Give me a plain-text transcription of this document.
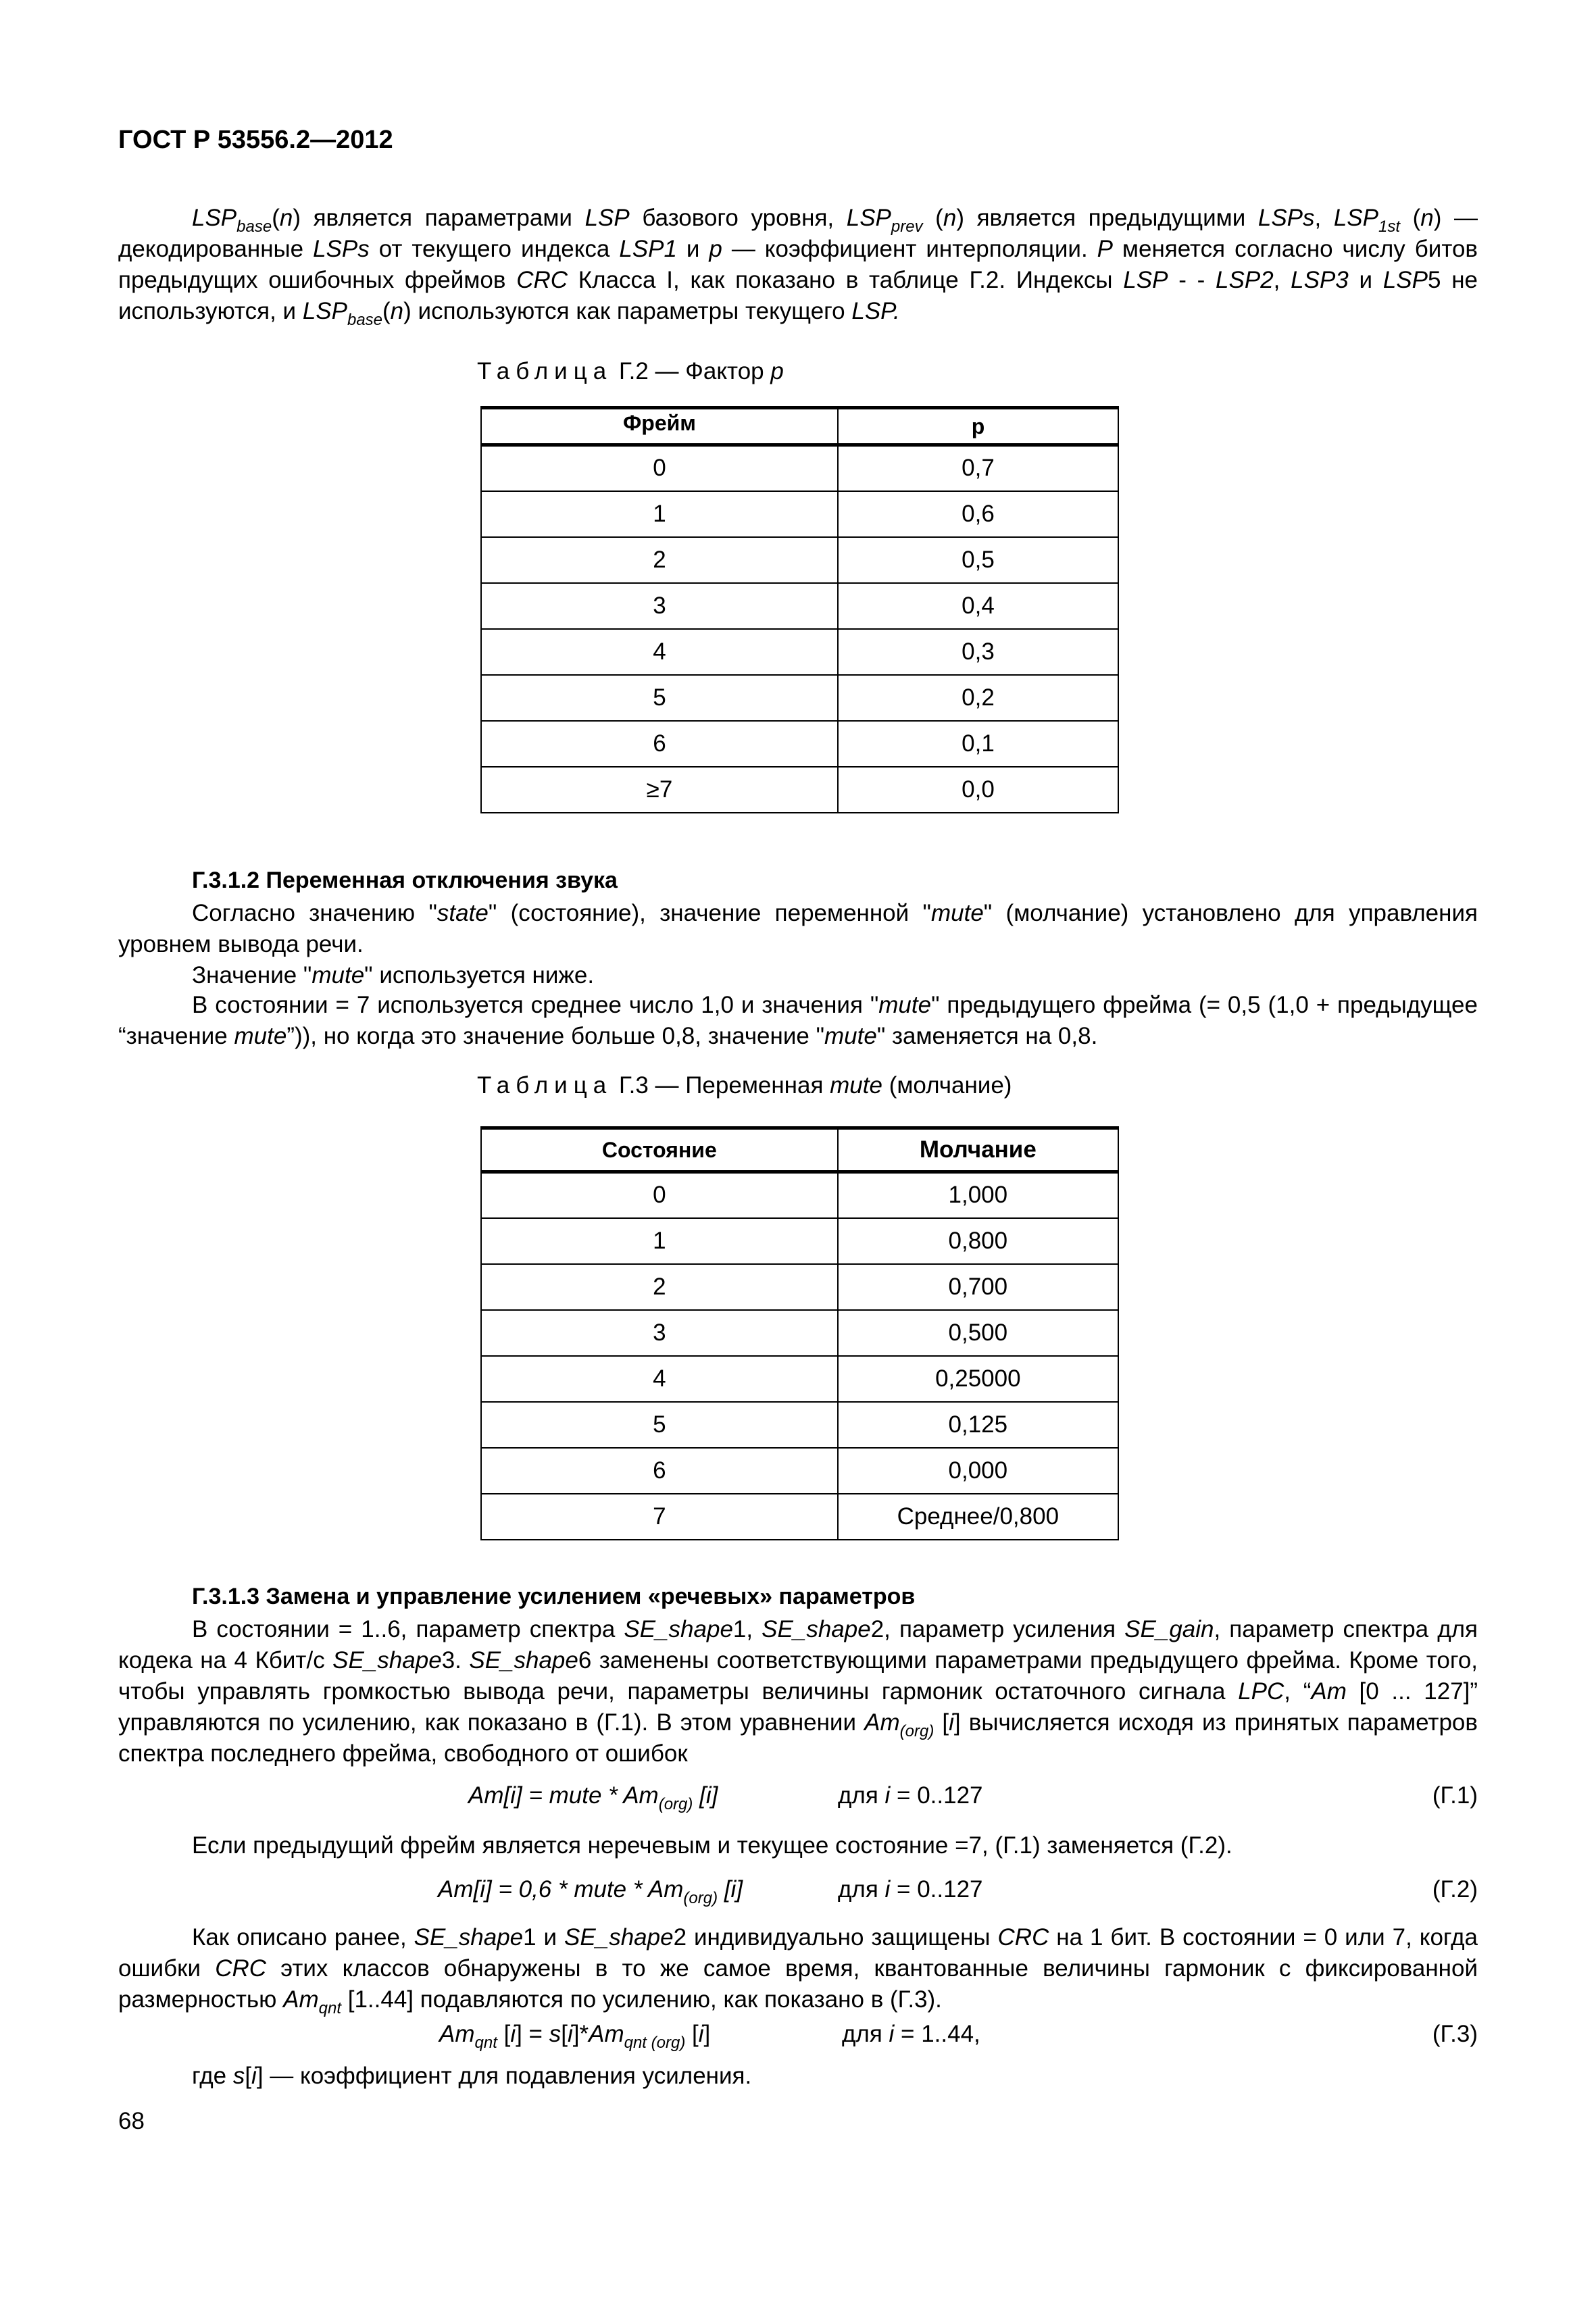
ГОСТ Р 53556.2—2012
$LSP_{base}(n)$ является параметрами LSP базового уровня, $LSP_{prev}$ (n) является предыдущими LSPs, $LSP_{1st}$ (n) — декодированные LSPs от текущего индекса LSP1 и p — коэффициент интерполяции. P меняется согласно числу битов предыдущих ошибочных фреймов CRC Класса I, как показано в таблице Г.2. Индексы LSP - - LSP2, LSP3 и LSP5 не используются, и $LSP_{base}(n)$ используются как параметры текущего LSP.
Таблица Г.2 — Фактор p
Фрейм	p
0	0,7
1	0,6
2	0,5
3	0,4
4	0,3
5	0,2
6	0,1
≥7	0,0
Г.3.1.2 Переменная отключения звука
Согласно значению "state" (состояние), значение переменной "mute" (молчание) установлено для управления уровнем вывода речи.
Значение "mute" используется ниже.
В состоянии = 7 используется среднее число 1,0 и значения "mute" предыдущего фрейма (= 0,5 (1,0 + предыдущее “значение mute”)), но когда это значение больше 0,8, значение "mute" заменяется на 0,8.
Таблица Г.3 — Переменная mute (молчание)
Состояние	Молчание
0	1,000
1	0,800
2	0,700
3	0,500
4	0,25000
5	0,125
6	0,000
7	Среднее/0,800
Г.3.1.3 Замена и управление усилением «речевых» параметров
В состоянии = 1..6, параметр спектра SE_shape1, SE_shape2, параметр усиления SE_gain, параметр спектра для кодека на 4 Кбит/с SE_shape3. SE_shape6 заменены соответствующими параметрами предыдущего фрейма. Кроме того, чтобы управлять громкостью вывода речи, параметры величины гармоник остаточного сигнала LPC, “Am [0 ... 127]” управляются по усилению, как показано в (Г.1). В этом уравнении $Am_{(org)}$ [i] вычисляется исходя из принятых параметров спектра последнего фрейма, свободного от ошибок
Am[i] = mute * $Am_{(org)}$ [i]	для i = 0..127	(Г.1)
Если предыдущий фрейм является неречевым и текущее состояние =7, (Г.1) заменяется (Г.2).
Am[i] = 0,6 * mute * $Am_{(org)}$ [i]	для i = 0..127	(Г.2)
Как описано ранее, SE_shape1 и SE_shape2 индивидуально защищены CRC на 1 бит. В состоянии = 0 или 7, когда ошибки CRC этих классов обнаружены в то же самое время, квантованные величины гармоник с фиксированной размерностью $Am_{qnt}$ [1..44] подавляются по усилению, как показано в (Г.3).
$Am_{qnt}$ $[i] = s[i]*Am_{qnt (org)}$ [i]	для i = 1..44,	(Г.3)
где s[i] — коэффициент для подавления усиления.
68
